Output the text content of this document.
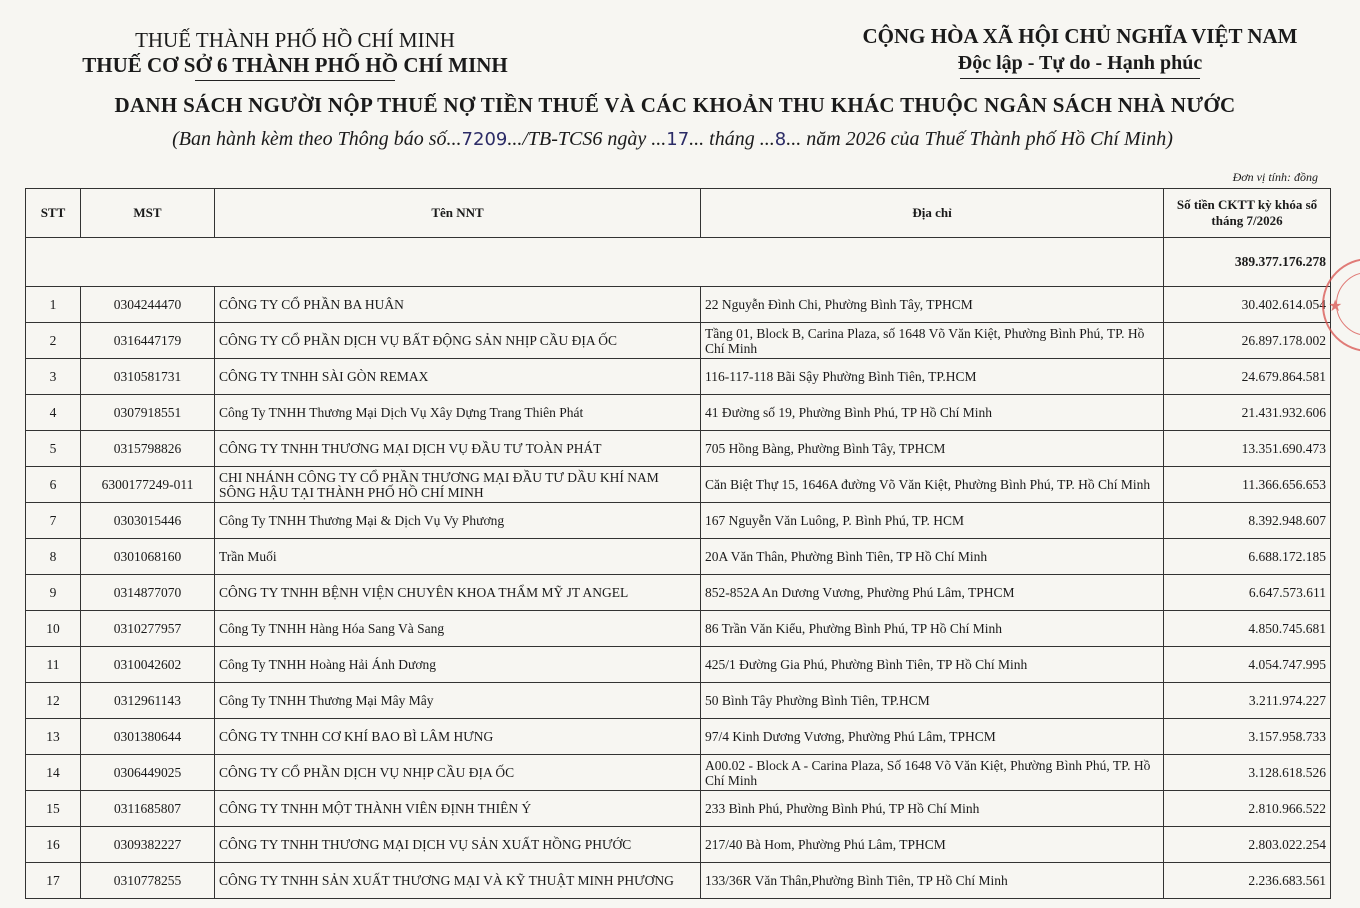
THUẾ THÀNH PHỐ HỒ CHÍ MINH
THUẾ CƠ SỞ 6 THÀNH PHỐ HỒ CHÍ MINH
CỘNG HÒA XÃ HỘI CHỦ NGHĨA VIỆT NAM
Độc lập - Tự do - Hạnh phúc
DANH SÁCH NGƯỜI NỘP THUẾ NỢ TIỀN THUẾ VÀ CÁC KHOẢN THU KHÁC THUỘC NGÂN SÁCH NHÀ NƯỚC
(Ban hành kèm theo Thông báo số...7209.../TB-TCS6 ngày ...17... tháng ...8... năm 2026 của Thuế Thành phố Hồ Chí Minh)
Đơn vị tính: đồng
STT	MST	Tên NNT	Địa chỉ	Số tiền CKTT kỳ khóa sổ tháng 7/2026
				389.377.176.278
1	0304244470	CÔNG TY CỔ PHẦN BA HUÂN	22 Nguyễn Đình Chi, Phường Bình Tây, TPHCM	30.402.614.054
2	0316447179	CÔNG TY CỔ PHẦN DỊCH VỤ BẤT ĐỘNG SẢN NHỊP CẦU ĐỊA ỐC	Tầng 01, Block B, Carina Plaza, số 1648 Võ Văn Kiệt, Phường Bình Phú, TP. Hồ Chí Minh	26.897.178.002
3	0310581731	CÔNG TY TNHH SÀI GÒN REMAX	116-117-118 Bãi Sậy Phường Bình Tiên, TP.HCM	24.679.864.581
4	0307918551	Công Ty TNHH Thương Mại Dịch Vụ Xây Dựng Trang Thiên Phát	41 Đường số 19, Phường Bình Phú, TP Hồ Chí Minh	21.431.932.606
5	0315798826	CÔNG TY TNHH THƯƠNG MẠI DỊCH VỤ ĐẦU TƯ TOÀN PHÁT	705 Hồng Bàng, Phường Bình Tây, TPHCM	13.351.690.473
6	6300177249-011	CHI NHÁNH CÔNG TY CỔ PHẦN THƯƠNG MẠI ĐẦU TƯ DẦU KHÍ NAM SÔNG HẬU TẠI THÀNH PHỐ HỒ CHÍ MINH	Căn Biệt Thự 15, 1646A đường Võ Văn Kiệt, Phường Bình Phú, TP. Hồ Chí Minh	11.366.656.653
7	0303015446	Công Ty TNHH Thương Mại & Dịch Vụ Vy Phương	167 Nguyễn Văn Luông, P. Bình Phú, TP. HCM	8.392.948.607
8	0301068160	Trần Muối	20A Văn Thân, Phường Bình Tiên, TP Hồ Chí Minh	6.688.172.185
9	0314877070	CÔNG TY TNHH BỆNH VIỆN CHUYÊN KHOA THẨM MỸ JT ANGEL	852-852A An Dương Vương, Phường Phú Lâm, TPHCM	6.647.573.611
10	0310277957	Công Ty TNHH Hàng Hóa Sang Và Sang	86 Trần Văn Kiểu, Phường Bình Phú, TP Hồ Chí Minh	4.850.745.681
11	0310042602	Công Ty TNHH Hoàng Hải Ánh Dương	425/1 Đường Gia Phú, Phường Bình Tiên, TP Hồ Chí Minh	4.054.747.995
12	0312961143	Công Ty TNHH Thương Mại Mây Mây	50 Bình Tây Phường Bình Tiên, TP.HCM	3.211.974.227
13	0301380644	CÔNG TY TNHH CƠ KHÍ BAO BÌ LÂM HƯNG	97/4 Kinh Dương Vương, Phường Phú Lâm, TPHCM	3.157.958.733
14	0306449025	CÔNG TY CỔ PHẦN DỊCH VỤ NHỊP CẦU ĐỊA ỐC	A00.02 - Block A - Carina Plaza, Số 1648 Võ Văn Kiệt, Phường Bình Phú, TP. Hồ Chí Minh	3.128.618.526
15	0311685807	CÔNG TY TNHH MỘT THÀNH VIÊN ĐỊNH THIÊN Ý	233 Bình Phú, Phường Bình Phú, TP Hồ Chí Minh	2.810.966.522
16	0309382227	CÔNG TY TNHH THƯƠNG MẠI DỊCH VỤ SẢN XUẤT HỒNG PHƯỚC	217/40 Bà Hom, Phường Phú Lâm, TPHCM	2.803.022.254
17	0310778255	CÔNG TY TNHH SẢN XUẤT THƯƠNG MẠI VÀ KỸ THUẬT MINH PHƯƠNG	133/36R Văn Thân,Phường Bình Tiên, TP Hồ Chí Minh	2.236.683.561
★
